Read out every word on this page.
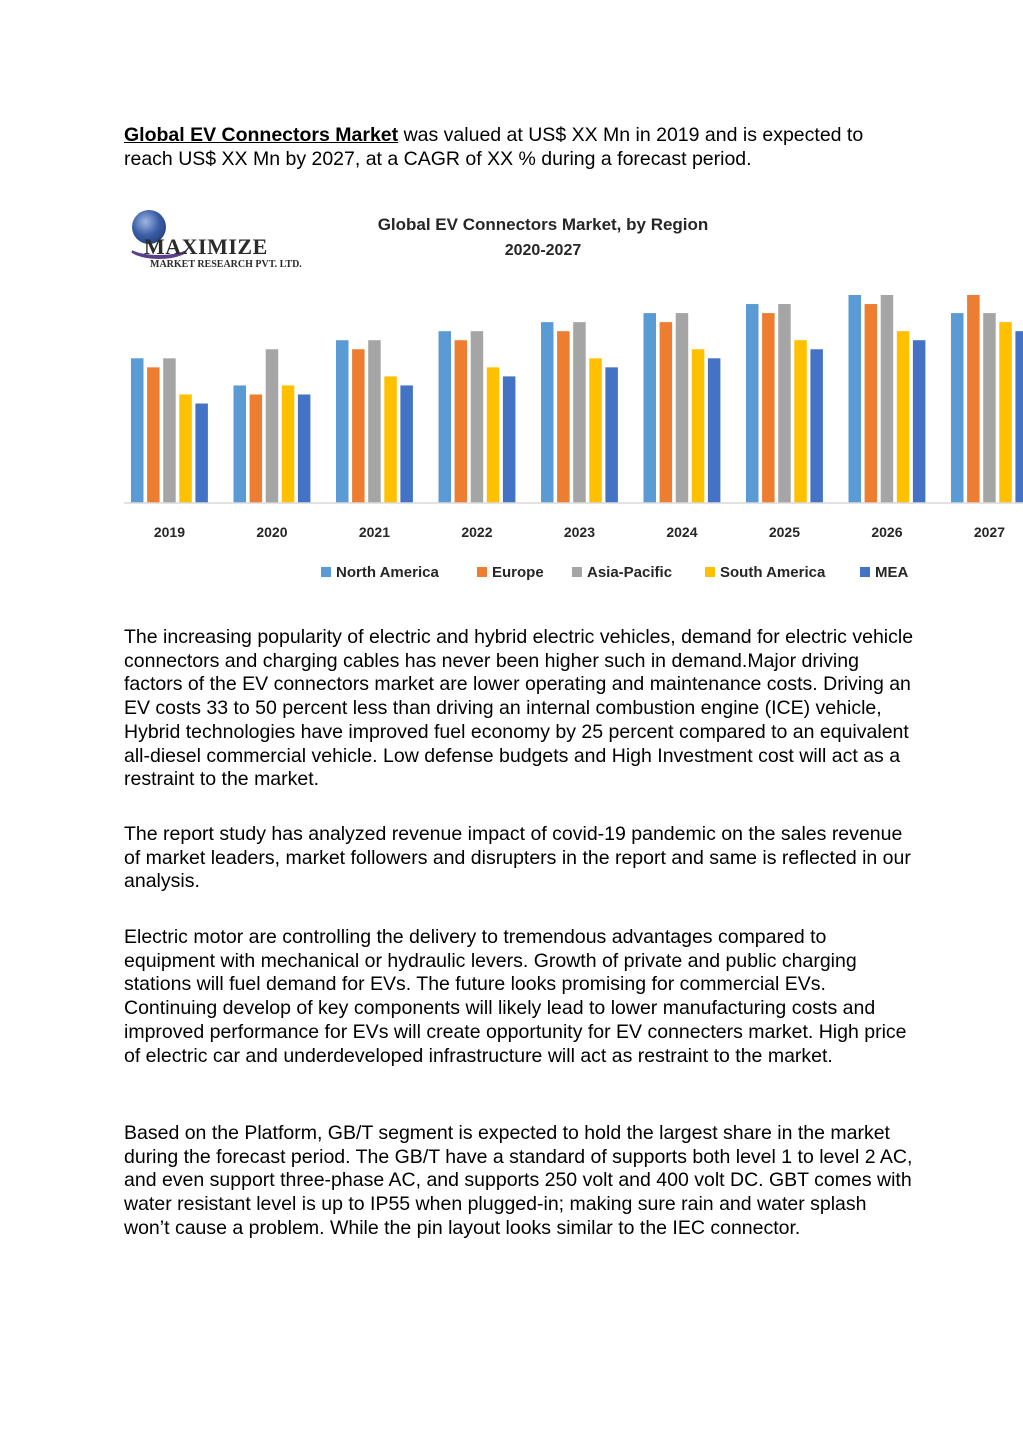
Global EV Connectors Market was valued at US$ XX Mn in 2019 and is expected to reach US$ XX Mn by 2027, at a CAGR of XX % during a forecast period.

MAXIMIZE
MARKET RESEARCH PVT. LTD.
Global EV Connectors Market, by Region
2020-2027
2019	2020	2021	2022	2023	2024	2025	2026	2027
North America	Europe	Asia-Pacific	South America	MEA

The increasing popularity of electric and hybrid electric vehicles, demand for electric vehicle connectors and charging cables has never been higher such in demand.Major driving factors of the EV connectors market are lower operating and maintenance costs. Driving an EV costs 33 to 50 percent less than driving an internal combustion engine (ICE) vehicle, Hybrid technologies have improved fuel economy by 25 percent compared to an equivalent all-diesel commercial vehicle. Low defense budgets and High Investment cost will act as a restraint to the market.

The report study has analyzed revenue impact of covid-19 pandemic on the sales revenue of market leaders, market followers and disrupters in the report and same is reflected in our analysis.

Electric motor are controlling the delivery to tremendous advantages compared to equipment with mechanical or hydraulic levers. Growth of private and public charging stations will fuel demand for EVs. The future looks promising for commercial EVs. Continuing develop of key components will likely lead to lower manufacturing costs and improved performance for EVs will create opportunity for EV connecters market. High price of electric car and underdeveloped infrastructure will act as restraint to the market.

Based on the Platform, GB/T segment is expected to hold the largest share in the market during the forecast period. The GB/T have a standard of supports both level 1 to level 2 AC, and even support three-phase AC, and supports 250 volt and 400 volt DC. GBT comes with water resistant level is up to IP55 when plugged-in; making sure rain and water splash won’t cause a problem. While the pin layout looks similar to the IEC connector.
